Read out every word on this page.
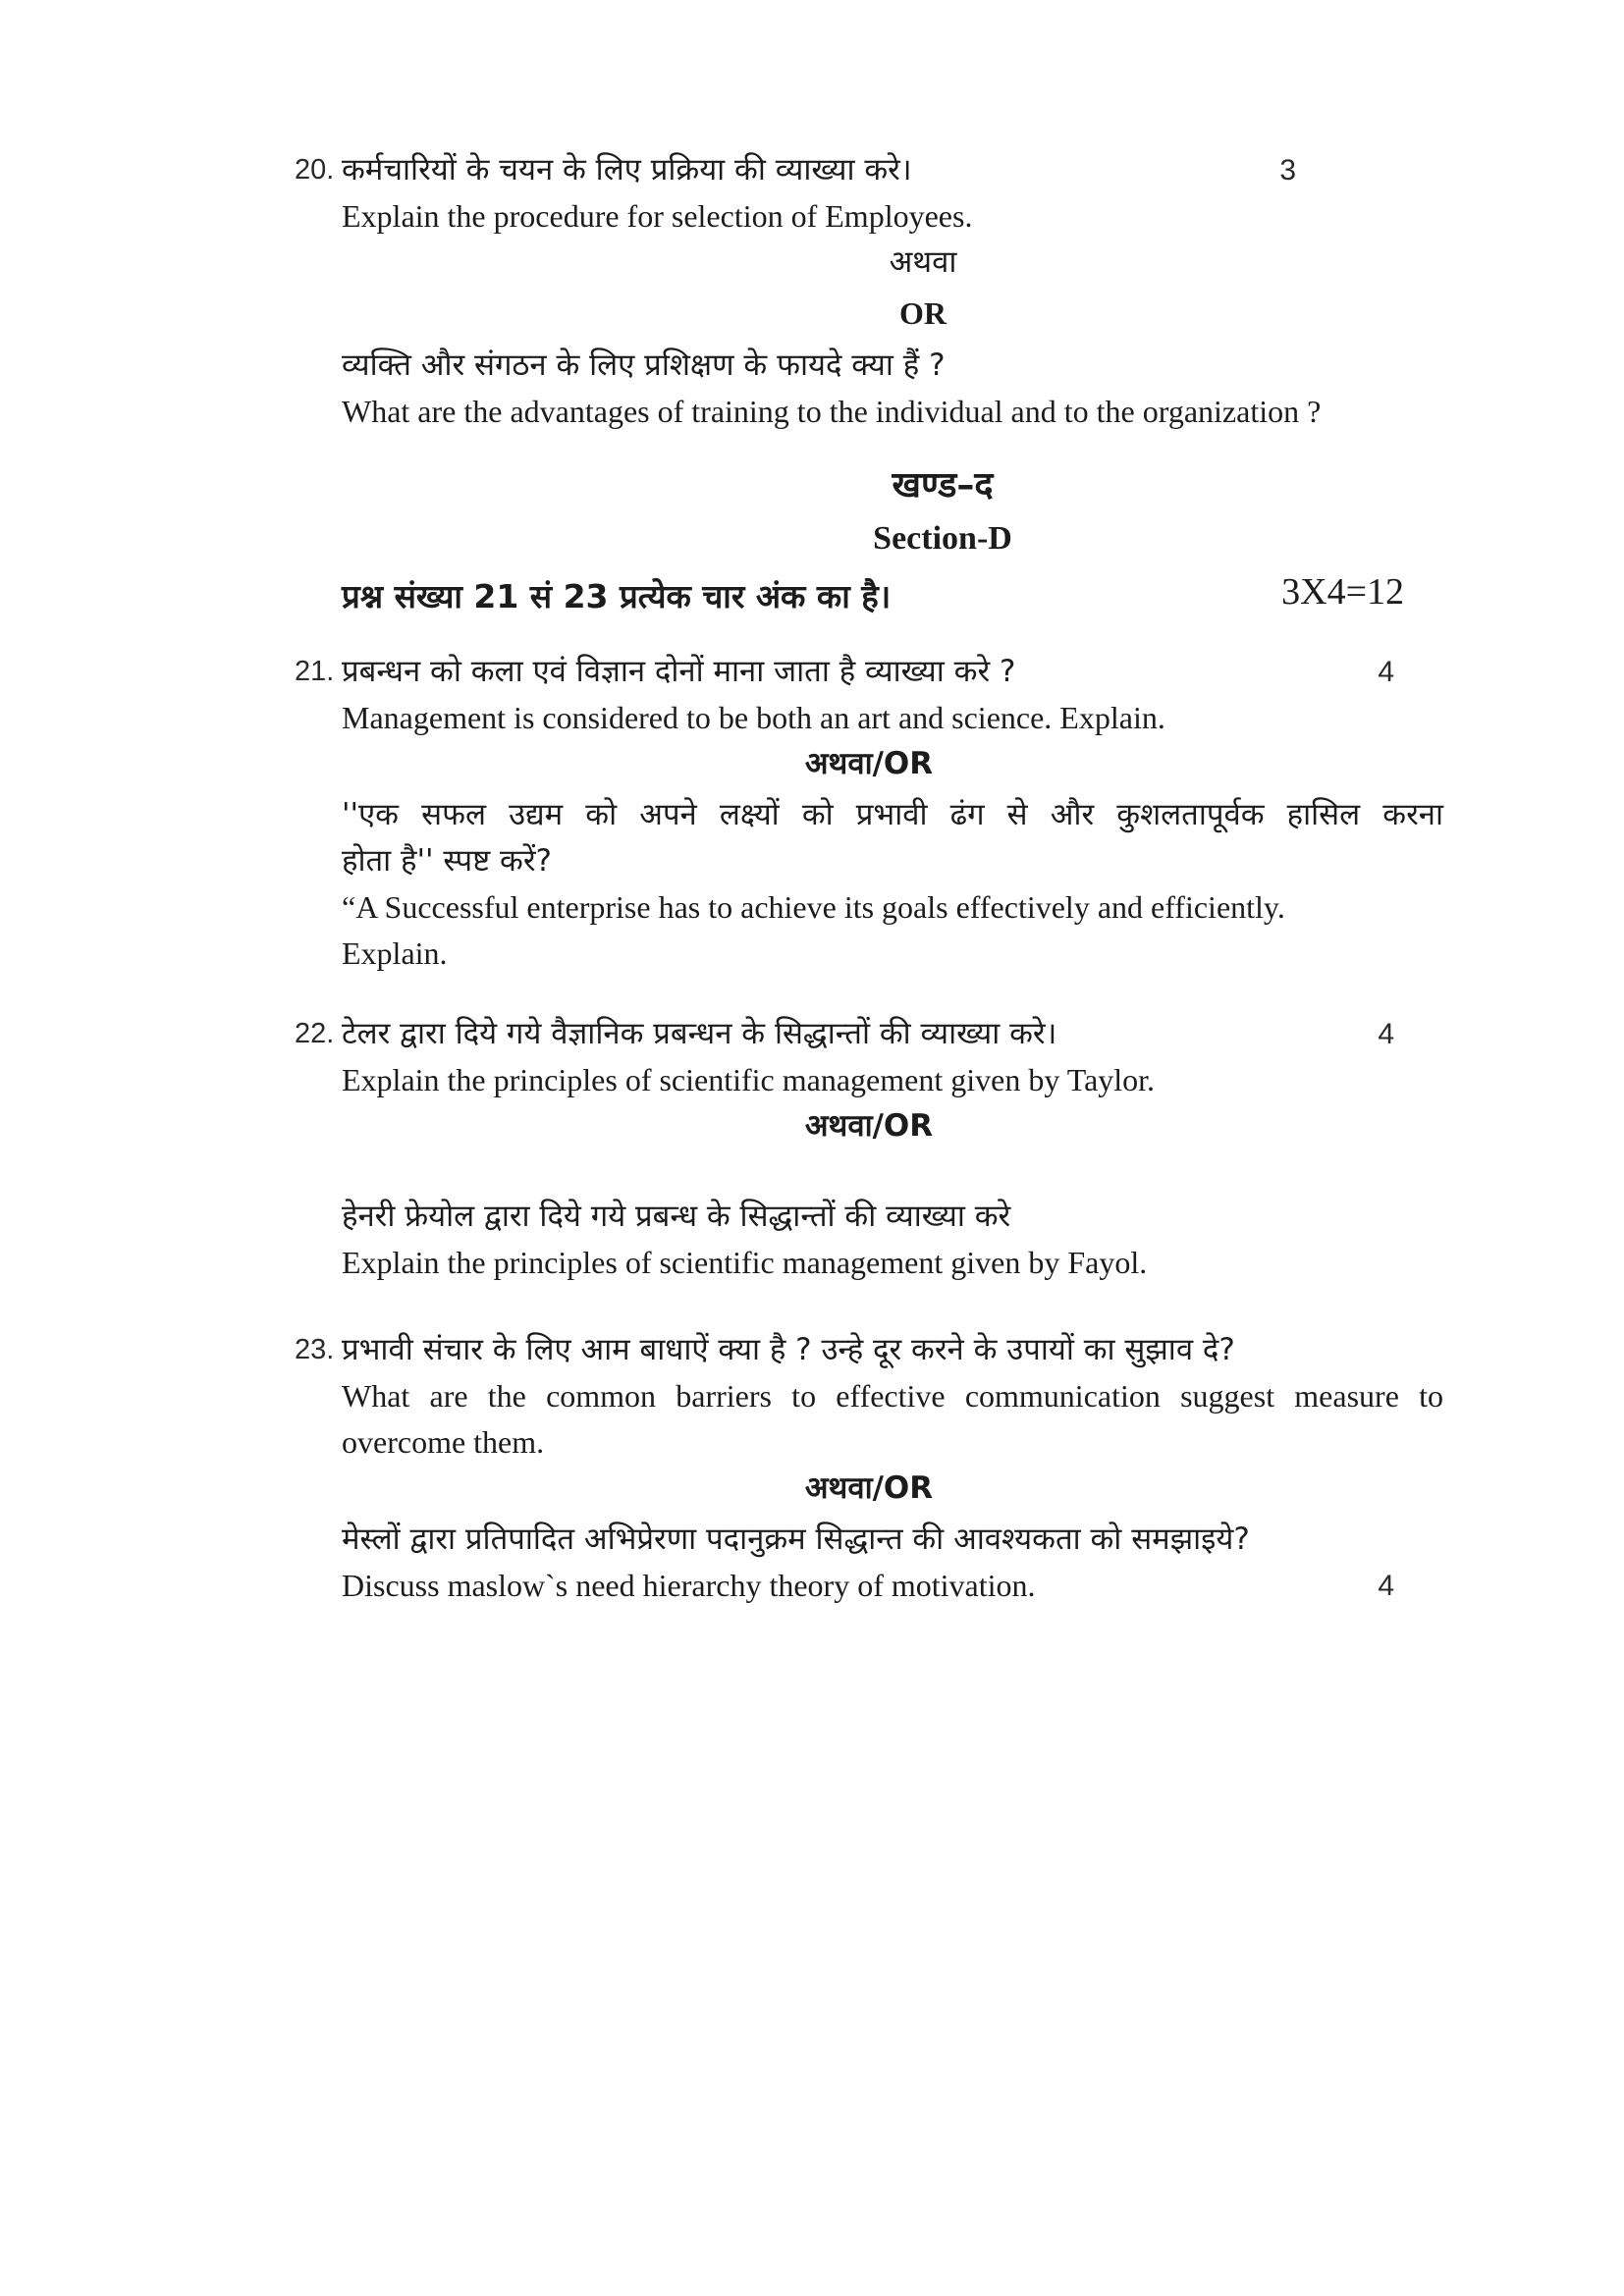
20. कर्मचारियों के चयन के लिए प्रक्रिया की व्याख्या करे।	3
Explain the procedure for selection of Employees.
अथवा
OR
व्यक्ति और संगठन के लिए प्रशिक्षण के फायदे क्या हैं ?
What are the advantages of training to the individual and to the organization ?
खण्ड–द
Section-D
प्रश्न संख्या 21 सं 23 प्रत्येक चार अंक का है।	3X4=12
21. प्रबन्धन को कला एवं विज्ञान दोनों माना जाता है व्याख्या करे ?	4
Management is considered to be both an art and science. Explain.
अथवा/OR
''एक सफल उद्यम को अपने लक्ष्यों को प्रभावी ढंग से और कुशलतापूर्वक हासिल करना
होता है'' स्पष्ट करें?
“A Successful enterprise has to achieve its goals effectively and efficiently.
Explain.
22. टेलर द्वारा दिये गये वैज्ञानिक प्रबन्धन के सिद्धान्तों की व्याख्या करे।	4
Explain the principles of scientific management given by Taylor.
अथवा/OR
हेनरी फ्रेयोल द्वारा दिये गये प्रबन्ध के सिद्धान्तों की व्याख्या करे
Explain the principles of scientific management given by Fayol.
23. प्रभावी संचार के लिए आम बाधाऐं क्या है ? उन्हे दूर करने के उपायों का सुझाव दे?
What are the common barriers to effective communication suggest measure to
overcome them.
अथवा/OR
मेस्लों द्वारा प्रतिपादित अभिप्रेरणा पदानुक्रम सिद्धान्त की आवश्यकता को समझाइये?
Discuss maslow`s need hierarchy theory of motivation.	4
